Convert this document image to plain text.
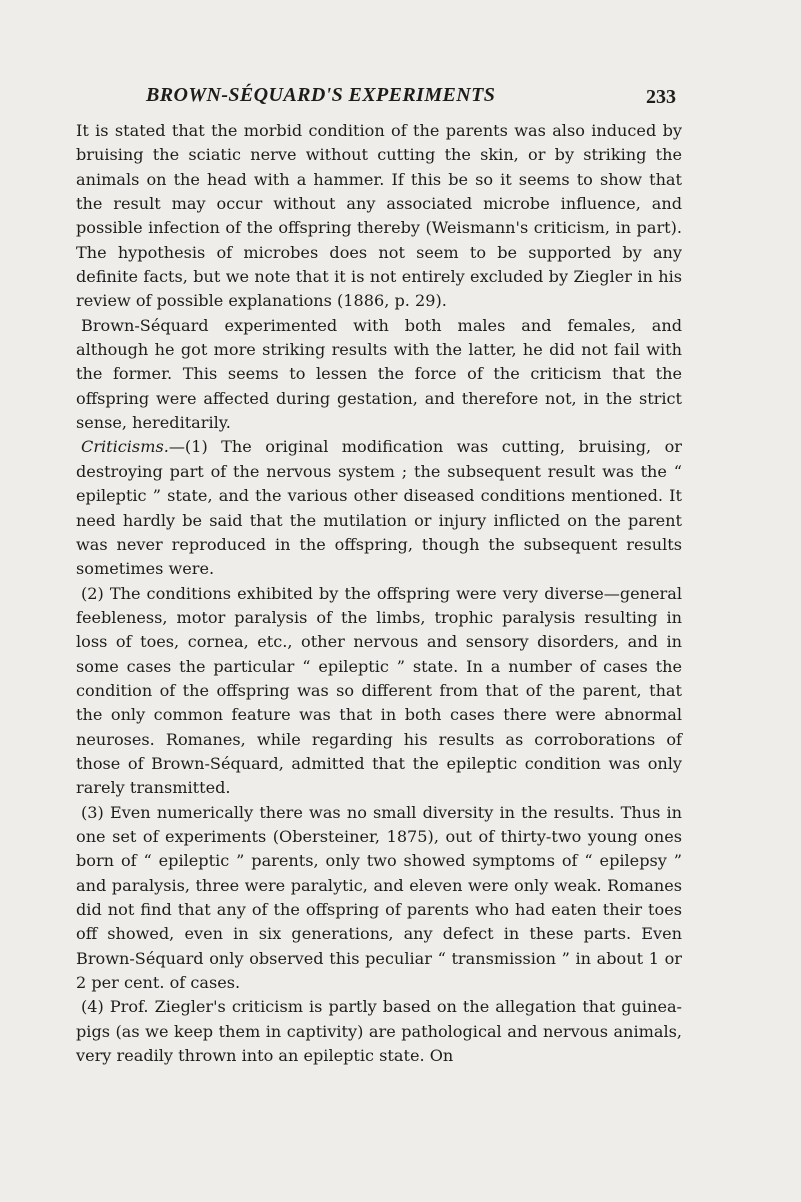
BROWN-SÉQUARD'S EXPERIMENTS	233

It is stated that the morbid condition of the parents was also induced by bruising the sciatic nerve without cutting the skin, or by striking the animals on the head with a hammer. If this be so it seems to show that the result may occur without any associated microbe influence, and possible infection of the offspring thereby (Weismann's criticism, in part). The hypothesis of microbes does not seem to be supported by any definite facts, but we note that it is not entirely excluded by Ziegler in his review of possible explanations (1886, p. 29).

Brown-Séquard experimented with both males and females, and although he got more striking results with the latter, he did not fail with the former. This seems to lessen the force of the criticism that the offspring were affected during gestation, and therefore not, in the strict sense, hereditarily.

Criticisms.—(1) The original modification was cutting, bruising, or destroying part of the nervous system ; the subsequent result was the “ epileptic ” state, and the various other diseased conditions mentioned. It need hardly be said that the mutilation or injury inflicted on the parent was never reproduced in the offspring, though the subsequent results sometimes were.

(2) The conditions exhibited by the offspring were very diverse—general feebleness, motor paralysis of the limbs, trophic paralysis resulting in loss of toes, cornea, etc., other nervous and sensory disorders, and in some cases the particular “ epileptic ” state. In a number of cases the condition of the offspring was so different from that of the parent, that the only common feature was that in both cases there were abnormal neuroses. Romanes, while regarding his results as corroborations of those of Brown-Séquard, admitted that the epileptic condition was only rarely transmitted.

(3) Even numerically there was no small diversity in the results. Thus in one set of experiments (Obersteiner, 1875), out of thirty-two young ones born of “ epileptic ” parents, only two showed symptoms of “ epilepsy ” and paralysis, three were paralytic, and eleven were only weak. Romanes did not find that any of the offspring of parents who had eaten their toes off showed, even in six generations, any defect in these parts. Even Brown-Séquard only observed this peculiar “ transmission ” in about 1 or 2 per cent. of cases.

(4) Prof. Ziegler's criticism is partly based on the allegation that guinea-pigs (as we keep them in captivity) are pathological and nervous animals, very readily thrown into an epileptic state. On
